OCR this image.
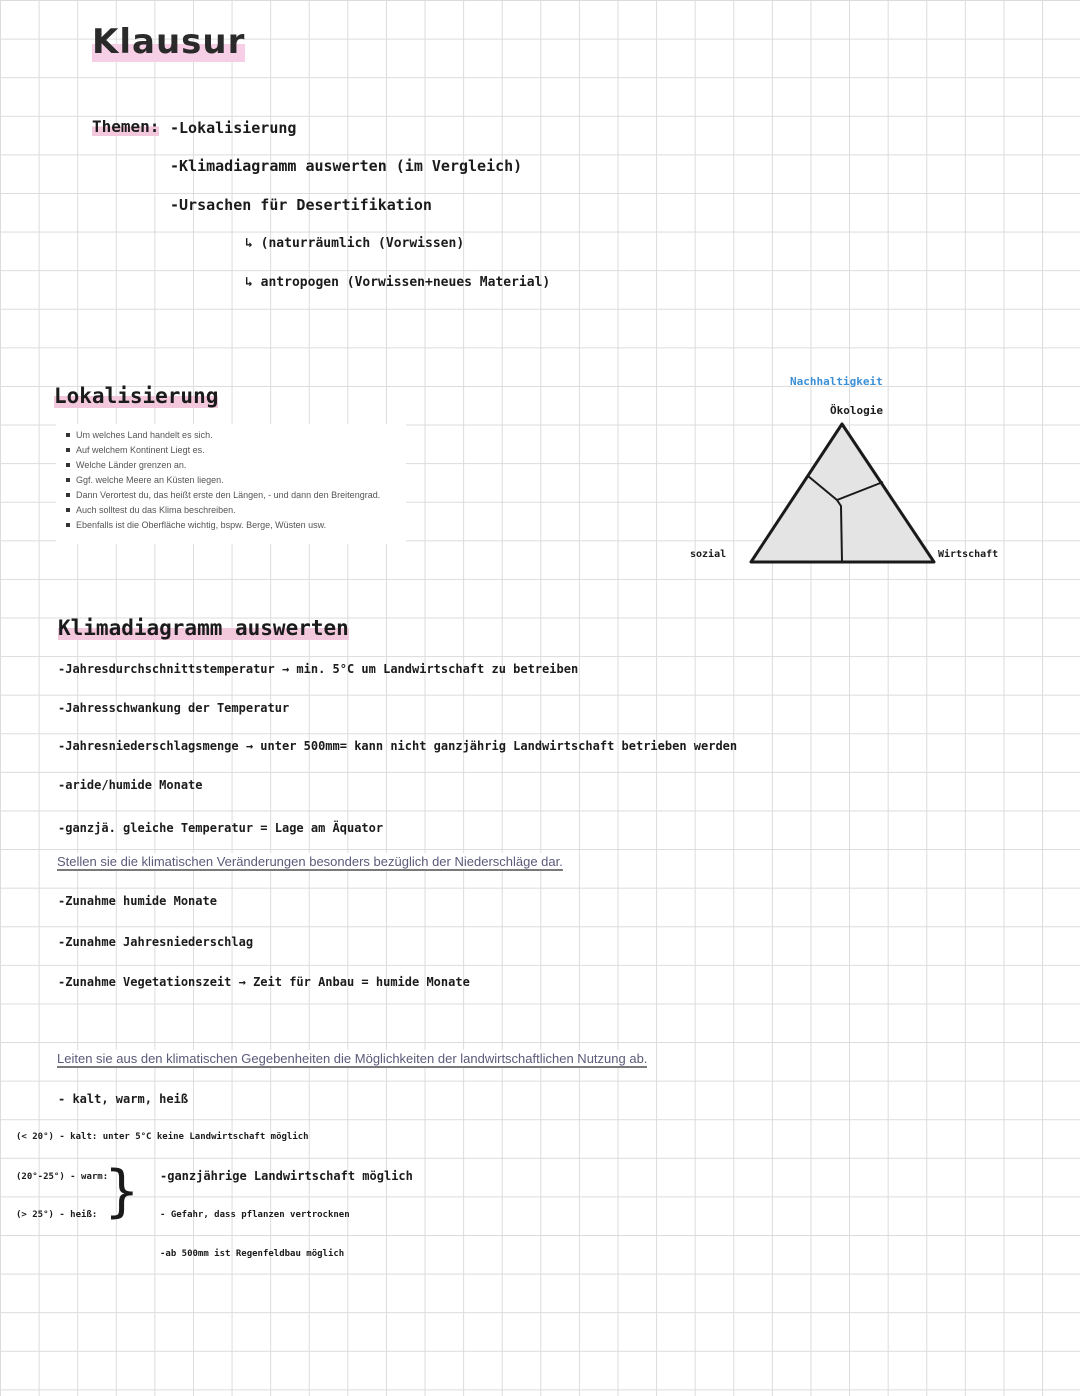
Klausur
Themen: -Lokalisierung
-Klimadiagramm auswerten (im Vergleich)
-Ursachen für Desertifikation
↳ (naturräumlich (Vorwissen)
↳ antropogen (Vorwissen+neues Material)
Lokalisierung
Um welches Land handelt es sich.
Auf welchem Kontinent Liegt es.
Welche Länder grenzen an.
Ggf. welche Meere an Küsten liegen.
Dann Verortest du, das heißt erste den Längen, - und dann den Breitengrad.
Auch solltest du das Klima beschreiben.
Ebenfalls ist die Oberfläche wichtig, bspw. Berge, Wüsten usw.
Nachhaltigkeit
Ökologie
sozial	Wirtschaft
Klimadiagramm auswerten
-Jahresdurchschnittstemperatur → min. 5°C um Landwirtschaft zu betreiben
-Jahresschwankung der Temperatur
-Jahresniederschlagsmenge → unter 500mm= kann nicht ganzjährig Landwirtschaft betrieben werden
-aride/humide Monate
-ganzjä. gleiche Temperatur = Lage am Äquator
Stellen sie die klimatischen Veränderungen besonders bezüglich der Niederschläge dar.
-Zunahme humide Monate
-Zunahme Jahresniederschlag
-Zunahme Vegetationszeit → Zeit für Anbau = humide Monate
Leiten sie aus den klimatischen Gegebenheiten die Möglichkeiten der landwirtschaftlichen Nutzung ab.
- kalt, warm, heiß
(< 20°) - kalt: unter 5°C keine Landwirtschaft möglich
(20°-25°) - warm:
(> 25°) - heiß: } -ganzjährige Landwirtschaft möglich
- Gefahr, dass pflanzen vertrocknen
-ab 500mm ist Regenfeldbau möglich
